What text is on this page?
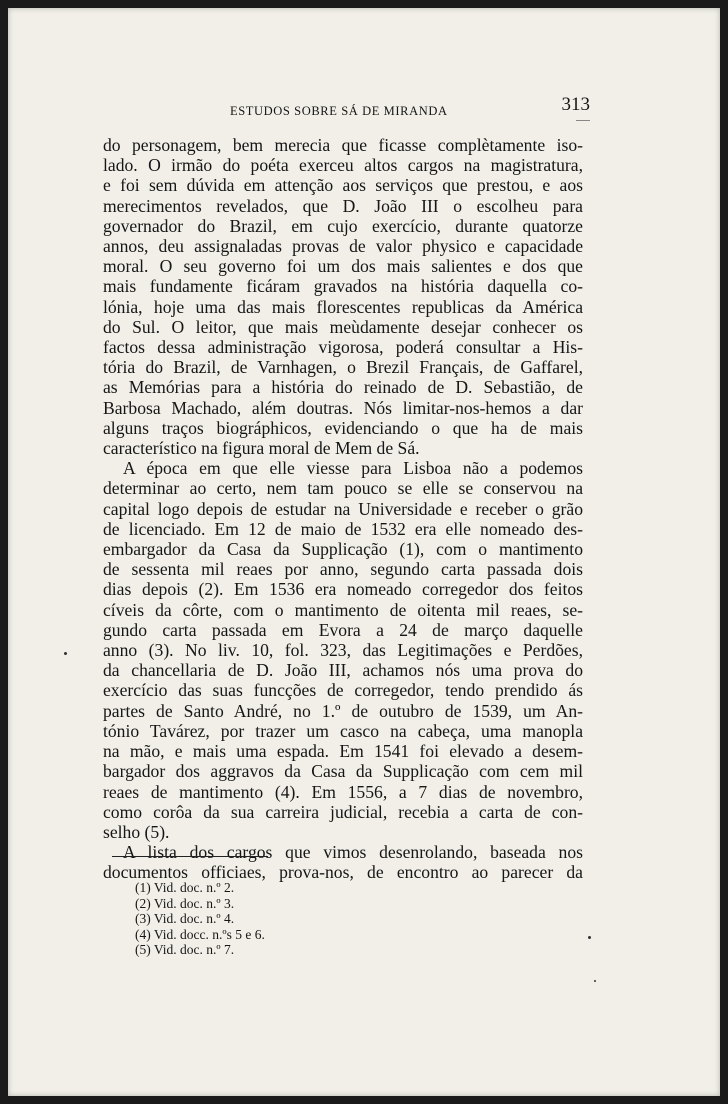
ESTUDOS SOBRE SÁ DE MIRANDA	313
do personagem, bem merecia que ficasse complètamente iso-
lado. O irmão do poéta exerceu altos cargos na magistratura,
e foi sem dúvida em attenção aos serviços que prestou, e aos
merecimentos revelados, que D. João III o escolheu para
governador do Brazil, em cujo exercício, durante quatorze
annos, deu assignaladas provas de valor physico e capacidade
moral. O seu governo foi um dos mais salientes e dos que
mais fundamente ficáram gravados na história daquella co-
lónia, hoje uma das mais florescentes republicas da América
do Sul. O leitor, que mais meùdamente desejar conhecer os
factos dessa administração vigorosa, poderá consultar a His-
tória do Brazil, de Varnhagen, o Brezil Français, de Gaffarel,
as Memórias para a história do reinado de D. Sebastião, de
Barbosa Machado, além doutras. Nós limitar-nos-hemos a dar
alguns traços biográphicos, evidenciando o que ha de mais
característico na figura moral de Mem de Sá.
A época em que elle viesse para Lisboa não a podemos
determinar ao certo, nem tam pouco se elle se conservou na
capital logo depois de estudar na Universidade e receber o grão
de licenciado. Em 12 de maio de 1532 era elle nomeado des-
embargador da Casa da Supplicação (1), com o mantimento
de sessenta mil reaes por anno, segundo carta passada dois
dias depois (2). Em 1536 era nomeado corregedor dos feitos
cíveis da côrte, com o mantimento de oitenta mil reaes, se-
gundo carta passada em Evora a 24 de março daquelle
anno (3). No liv. 10, fol. 323, das Legitimações e Perdões,
da chancellaria de D. João III, achamos nós uma prova do
exercício das suas funcções de corregedor, tendo prendido ás
partes de Santo André, no 1.º de outubro de 1539, um An-
tónio Tavárez, por trazer um casco na cabeça, uma manopla
na mão, e mais uma espada. Em 1541 foi elevado a desem-
bargador dos aggravos da Casa da Supplicação com cem mil
reaes de mantimento (4). Em 1556, a 7 dias de novembro,
como corôa da sua carreira judicial, recebia a carta de con-
selho (5).
A lista dos cargos que vimos desenrolando, baseada nos
documentos officiaes, prova-nos, de encontro ao parecer da
(1) Vid. doc. n.º 2.
(2) Vid. doc. n.º 3.
(3) Vid. doc. n.º 4.
(4) Vid. docc. n.ºs 5 e 6.
(5) Vid. doc. n.º 7.
